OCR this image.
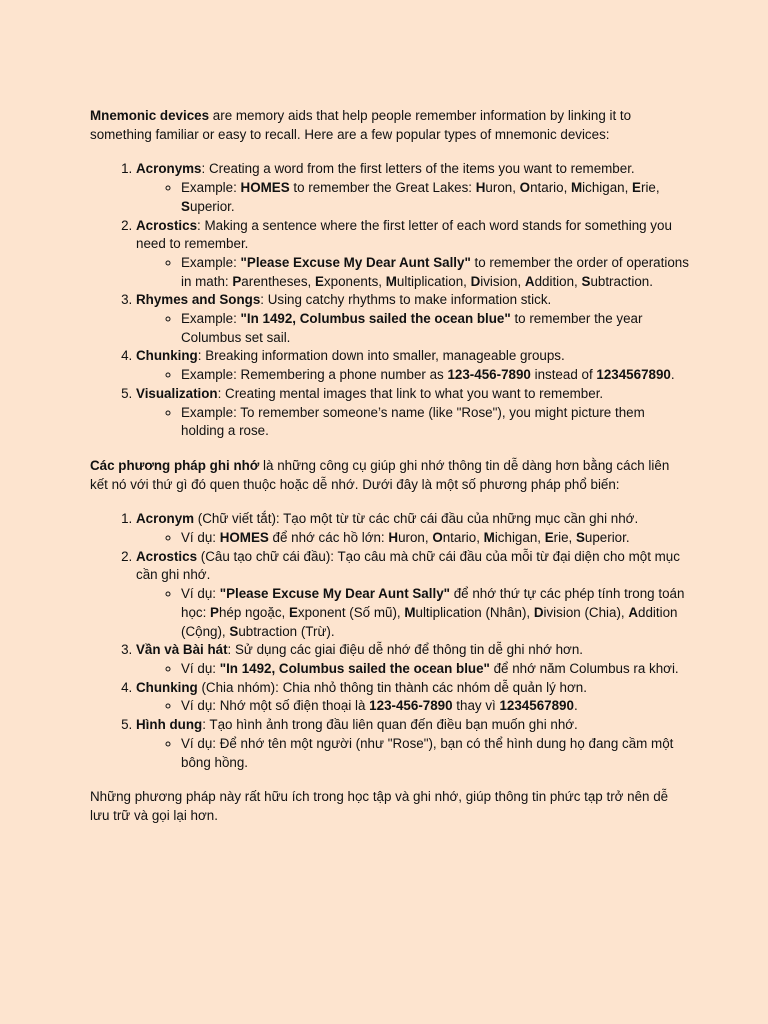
Mnemonic devices are memory aids that help people remember information by linking it to something familiar or easy to recall. Here are a few popular types of mnemonic devices:

1. Acronyms: Creating a word from the first letters of the items you want to remember.
◦ Example: HOMES to remember the Great Lakes: Huron, Ontario, Michigan, Erie, Superior.
2. Acrostics: Making a sentence where the first letter of each word stands for something you need to remember.
◦ Example: "Please Excuse My Dear Aunt Sally" to remember the order of operations in math: Parentheses, Exponents, Multiplication, Division, Addition, Subtraction.
3. Rhymes and Songs: Using catchy rhythms to make information stick.
◦ Example: "In 1492, Columbus sailed the ocean blue" to remember the year Columbus set sail.
4. Chunking: Breaking information down into smaller, manageable groups.
◦ Example: Remembering a phone number as 123-456-7890 instead of 1234567890.
5. Visualization: Creating mental images that link to what you want to remember.
◦ Example: To remember someone’s name (like "Rose"), you might picture them holding a rose.

Các phương pháp ghi nhớ là những công cụ giúp ghi nhớ thông tin dễ dàng hơn bằng cách liên kết nó với thứ gì đó quen thuộc hoặc dễ nhớ. Dưới đây là một số phương pháp phổ biến:

1. Acronym (Chữ viết tắt): Tạo một từ từ các chữ cái đầu của những mục cần ghi nhớ.
◦ Ví dụ: HOMES để nhớ các hồ lớn: Huron, Ontario, Michigan, Erie, Superior.
2. Acrostics (Câu tạo chữ cái đầu): Tạo câu mà chữ cái đầu của mỗi từ đại diện cho một mục cần ghi nhớ.
◦ Ví dụ: "Please Excuse My Dear Aunt Sally" để nhớ thứ tự các phép tính trong toán học: Phép ngoặc, Exponent (Số mũ), Multiplication (Nhân), Division (Chia), Addition (Cộng), Subtraction (Trừ).
3. Vần và Bài hát: Sử dụng các giai điệu dễ nhớ để thông tin dễ ghi nhớ hơn.
◦ Ví dụ: "In 1492, Columbus sailed the ocean blue" để nhớ năm Columbus ra khơi.
4. Chunking (Chia nhóm): Chia nhỏ thông tin thành các nhóm dễ quản lý hơn.
◦ Ví dụ: Nhớ một số điện thoại là 123-456-7890 thay vì 1234567890.
5. Hình dung: Tạo hình ảnh trong đầu liên quan đến điều bạn muốn ghi nhớ.
◦ Ví dụ: Để nhớ tên một người (như "Rose"), bạn có thể hình dung họ đang cầm một bông hồng.

Những phương pháp này rất hữu ích trong học tập và ghi nhớ, giúp thông tin phức tạp trở nên dễ lưu trữ và gọi lại hơn.
